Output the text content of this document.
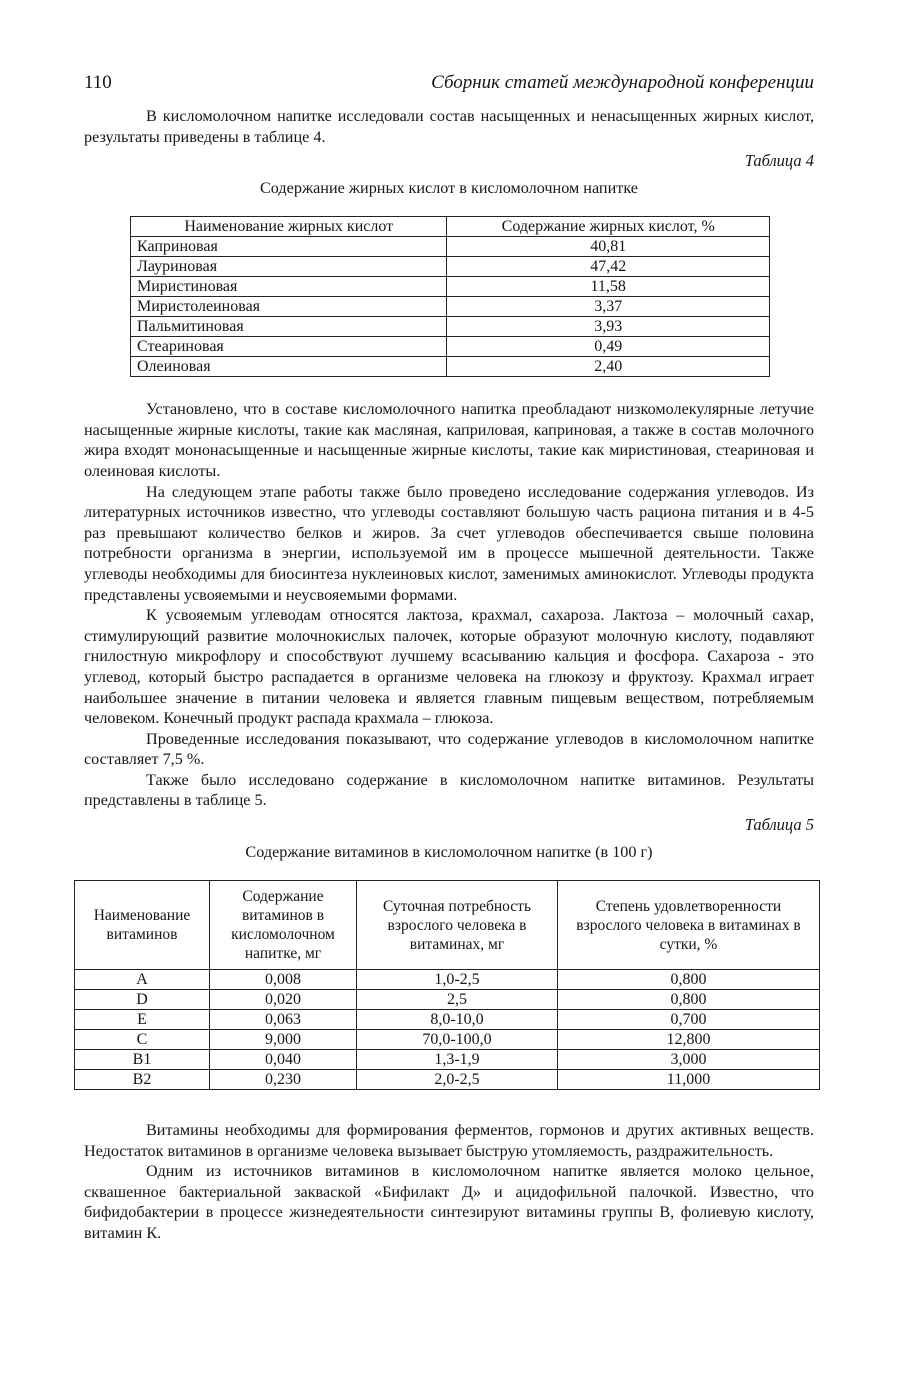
110	Сборник статей международной конференции

В кисломолочном напитке исследовали состав насыщенных и ненасыщенных жирных кислот, результаты приведены в таблице 4.

Таблица 4
Содержание жирных кислот в кисломолочном напитке
Наименование жирных кислот	Содержание жирных кислот, %
Каприновая	40,81
Лауриновая	47,42
Миристиновая	11,58
Миристолеиновая	3,37
Пальмитиновая	3,93
Стеариновая	0,49
Олеиновая	2,40

Установлено, что в составе кисломолочного напитка преобладают низкомолекулярные летучие насыщенные жирные кислоты, такие как масляная, каприловая, каприновая, а также в состав молочного жира входят мононасыщенные и насыщенные жирные кислоты, такие как миристиновая, стеариновая и олеиновая кислоты.

На следующем этапе работы также было проведено исследование содержания углеводов. Из литературных источников известно, что углеводы составляют большую часть рациона питания и в 4-5 раз превышают количество белков и жиров. За счет углеводов обеспечивается свыше половина потребности организма в энергии, используемой им в процессе мышечной деятельности. Также углеводы необходимы для биосинтеза нуклеиновых кислот, заменимых аминокислот. Углеводы продукта представлены усвояемыми и неусвояемыми формами.

К усвояемым углеводам относятся лактоза, крахмал, сахароза. Лактоза – молочный сахар, стимулирующий развитие молочнокислых палочек, которые образуют молочную кислоту, подавляют гнилостную микрофлору и способствуют лучшему всасыванию кальция и фосфора. Сахароза - это углевод, который быстро распадается в организме человека на глюкозу и фруктозу. Крахмал играет наибольшее значение в питании человека и является главным пищевым веществом, потребляемым человеком. Конечный продукт распада крахмала – глюкоза.

Проведенные исследования показывают, что содержание углеводов в кисломолочном напитке составляет 7,5 %.

Также было исследовано содержание в кисломолочном напитке витаминов. Результаты представлены в таблице 5.

Таблица 5
Содержание витаминов в кисломолочном напитке (в 100 г)
Наименование витаминов	Содержание витаминов в кисломолочном напитке, мг	Суточная потребность взрослого человека в витаминах, мг	Степень удовлетворенности взрослого человека в витаминах в сутки, %
A	0,008	1,0-2,5	0,800
D	0,020	2,5	0,800
E	0,063	8,0-10,0	0,700
C	9,000	70,0-100,0	12,800
B1	0,040	1,3-1,9	3,000
B2	0,230	2,0-2,5	11,000

Витамины необходимы для формирования ферментов, гормонов и других активных веществ. Недостаток витаминов в организме человека вызывает быструю утомляемость, раздражительность.

Одним из источников витаминов в кисломолочном напитке является молоко цельное, сквашенное бактериальной закваской «Бифилакт Д» и ацидофильной палочкой. Известно, что бифидобактерии в процессе жизнедеятельности синтезируют витамины группы В, фолиевую кислоту, витамин К.
